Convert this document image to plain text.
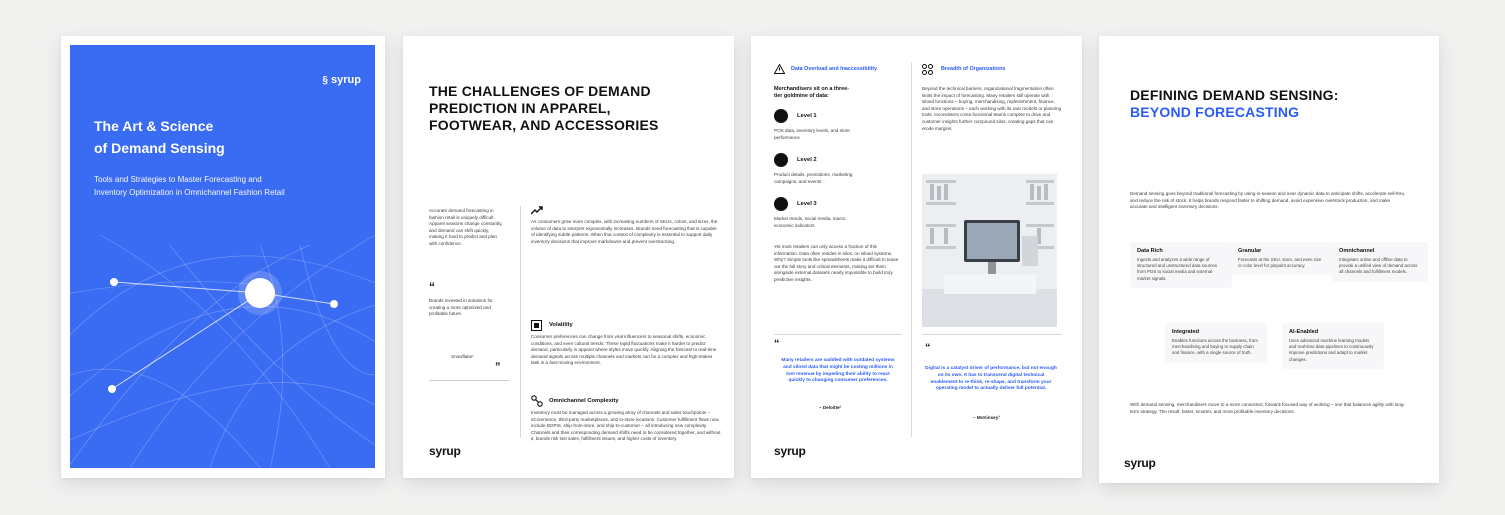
§ syrup
The Art & Science
of Demand Sensing
Tools and Strategies to Master Forecasting and
Inventory Optimization in Omnichannel Fashion Retail
THE CHALLENGES OF DEMAND
PREDICTION IN APPAREL,
FOOTWEAR, AND ACCESSORIES

Accurate demand forecasting in fashion retail is uniquely difficult. Apparel seasons change constantly, and demand can shift quickly, making it hard to predict and plan with confidence.

“

Brands invested in solutions for creating a more optimized and profitable future.

Snowflake¹

”

As consumers grow more complex, with increasing numbers of SKUs, colors, and sizes, the volume of data to interpret exponentially increases. Brands need forecasting that is capable of identifying subtle patterns. When that context of complexity is essential to support daily inventory decisions that improve markdowns and prevent overstocking.

Volatility

Consumer preferences can change from viral influencers to seasonal shifts, economic conditions, and even cultural trends. These rapid fluctuations make it harder to predict demand, particularly in apparel where styles move quickly. Aligning the forecast to real-time demand signals across multiple channels and markets can be a complex and high-stakes task in a fast-moving environment.

Omnichannel Complexity

Inventory must be managed across a growing array of channels and sales touchpoints – eCommerce, third-party marketplaces, and in-store locations. Customer fulfillment flows now include BOPIS, ship-from-store, and ship-to-customer – all introducing new complexity. Channels and their corresponding demand shifts need to be considered together, and without it, brands risk lost sales, fulfillment issues, and higher costs of inventory.

syrup
Data Overload and Inaccessibility	Breadth of Organizations

Merchandisers sit on a three-tier goldmine of data:

Level 1

POS data, inventory levels, and store performance

Level 2

Product details, promotions, marketing campaigns, and events

Level 3

Market trends, social media, macro economic indicators

Yet most retailers can only access a fraction of this information. Data often resides in silos, on siloed systems. Why? Simple tools like spreadsheets make it difficult to tease out the full story and critical elements, making set them alongside external datasets nearly impossible to build truly predictive insights.

“

Many retailers are saddled with outdated systems and siloed data that might be costing millions in lost revenue by impeding their ability to react quickly to changing consumer preferences.

– Deloitte²

Beyond the technical barriers, organizational fragmentation often limits the impact of forecasting. Many retailers still operate with siloed functions – buying, merchandising, replenishment, finance, and store operations – each working with its own models or planning tools. Inconsistent cross-functional teams compete to drive and customer insights further compound silos, creating gaps that can erode margins.

“

Digital is a catalyst driver of performance, but not enough on its own. It has to transcend digital technical enablement to re-think, re-shape, and transform your operating model to actually deliver full potential.

– McKinsey³

syrup
DEFINING DEMAND SENSING:
BEYOND FORECASTING

Demand sensing goes beyond traditional forecasting by using in-season and near dynamic data to anticipate shifts, accelerate sell-thru, and reduce the risk of stock. It helps brands respond faster to shifting demand, avoid expensive overstock production, and make accurate and intelligent inventory decisions.

Data Rich

Ingests and analyzes a wide range of structured and unstructured data sources from POS to social media and external market signals.

Granular

Forecasts at the SKU, store, and even size or color level for pinpoint accuracy.

Omnichannel

Integrates online and offline data to provide a unified view of demand across all channels and fulfillment models.

Integrated

Enables functions across the business, from merchandising and buying to supply chain and finance, with a single source of truth.

AI-Enabled

Uses advanced machine learning models and real-time data pipelines to continuously improve predictions and adapt to market changes.

With demand sensing, merchandisers move to a more connected, forward-focused way of working – one that balances agility with long-term strategy. The result: faster, smarter, and more profitable inventory decisions.

syrup
